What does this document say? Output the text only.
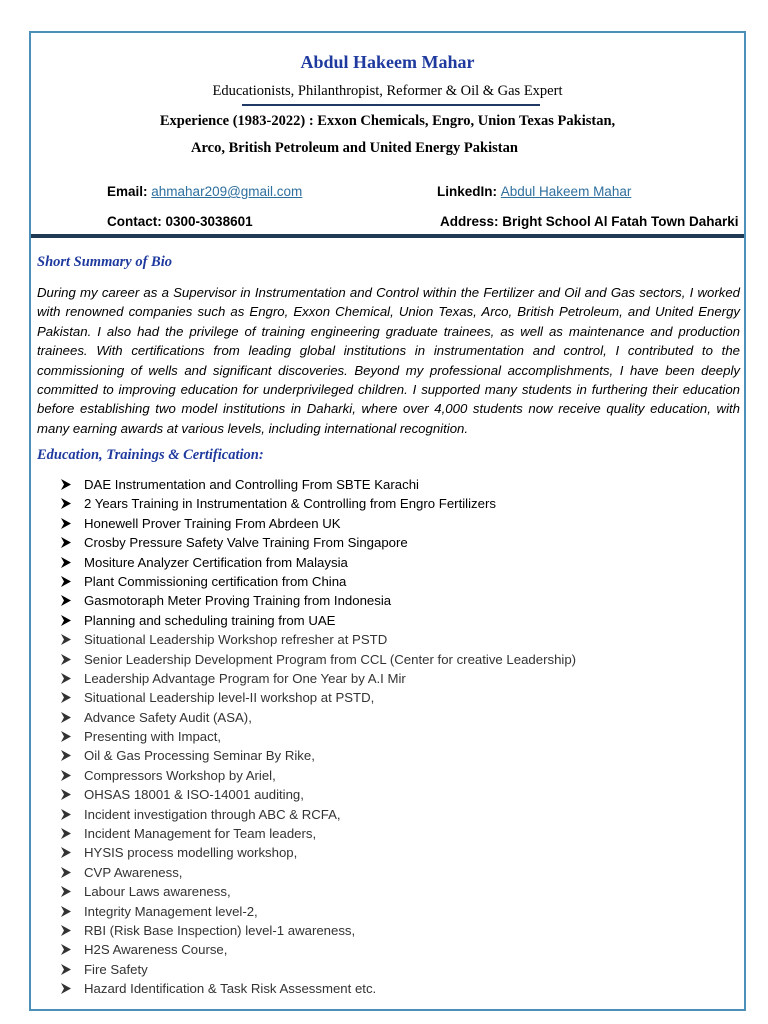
Abdul Hakeem Mahar
Educationists, Philanthropist, Reformer & Oil & Gas Expert
Experience (1983-2022) : Exxon Chemicals, Engro, Union Texas Pakistan,
Arco, British Petroleum and United Energy Pakistan
Email: ahmahar209@gmail.com	LinkedIn: Abdul Hakeem Mahar
Contact: 0300-3038601	Address: Bright School Al Fatah Town Daharki
Short Summary of Bio
During my career as a Supervisor in Instrumentation and Control within the Fertilizer and Oil and Gas sectors, I worked with renowned companies such as Engro, Exxon Chemical, Union Texas, Arco, British Petroleum, and United Energy Pakistan. I also had the privilege of training engineering graduate trainees, as well as maintenance and production trainees. With certifications from leading global institutions in instrumentation and control, I contributed to the commissioning of wells and significant discoveries. Beyond my professional accomplishments, I have been deeply committed to improving education for underprivileged children. I supported many students in furthering their education before establishing two model institutions in Daharki, where over 4,000 students now receive quality education, with many earning awards at various levels, including international recognition.
Education, Trainings & Certification:
DAE Instrumentation and Controlling From SBTE Karachi
2 Years Training in Instrumentation & Controlling from Engro Fertilizers
Honewell Prover Training From Abrdeen UK
Crosby Pressure Safety Valve Training From Singapore
Mositure Analyzer Certification from Malaysia
Plant Commissioning certification from China
Gasmotoraph Meter Proving Training from Indonesia
Planning and scheduling training from UAE
Situational Leadership Workshop refresher at PSTD
Senior Leadership Development Program from CCL (Center for creative Leadership)
Leadership Advantage Program for One Year by A.I Mir
Situational Leadership level-II workshop at PSTD,
Advance Safety Audit (ASA),
Presenting with Impact,
Oil & Gas Processing Seminar By Rike,
Compressors Workshop by Ariel,
OHSAS 18001 & ISO-14001 auditing,
Incident investigation through ABC & RCFA,
Incident Management for Team leaders,
HYSIS process modelling workshop,
CVP Awareness,
Labour Laws awareness,
Integrity Management level-2,
RBI (Risk Base Inspection) level-1 awareness,
H2S Awareness Course,
Fire Safety
Hazard Identification & Task Risk Assessment etc.
